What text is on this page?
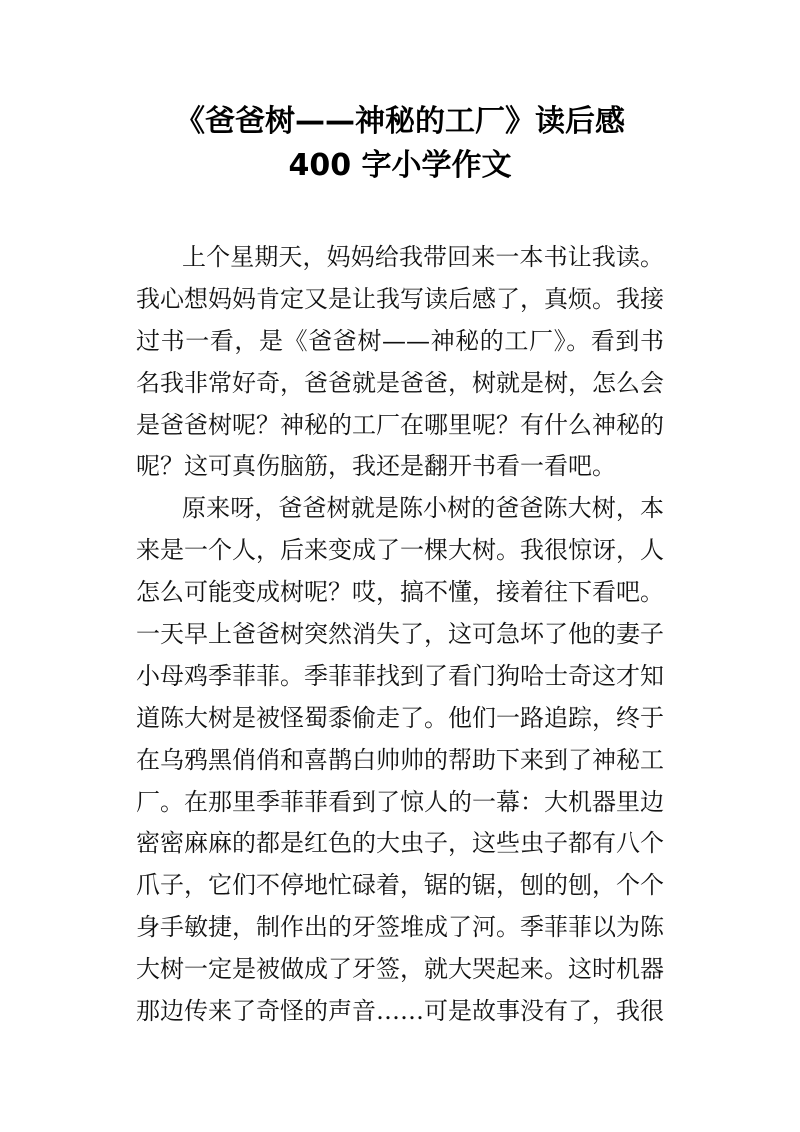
《爸爸树——神秘的工厂》读后感
400 字小学作文
上个星期天，妈妈给我带回来一本书让我读。
我心想妈妈肯定又是让我写读后感了，真烦。我接
过书一看，是《爸爸树——神秘的工厂》。看到书
名我非常好奇，爸爸就是爸爸，树就是树，怎么会
是爸爸树呢？神秘的工厂在哪里呢？有什么神秘的
呢？这可真伤脑筋，我还是翻开书看一看吧。
原来呀，爸爸树就是陈小树的爸爸陈大树，本
来是一个人，后来变成了一棵大树。我很惊讶，人
怎么可能变成树呢？哎，搞不懂，接着往下看吧。
一天早上爸爸树突然消失了，这可急坏了他的妻子
小母鸡季菲菲。季菲菲找到了看门狗哈士奇这才知
道陈大树是被怪蜀黍偷走了。他们一路追踪，终于
在乌鸦黑俏俏和喜鹊白帅帅的帮助下来到了神秘工
厂。在那里季菲菲看到了惊人的一幕：大机器里边
密密麻麻的都是红色的大虫子，这些虫子都有八个
爪子，它们不停地忙碌着，锯的锯，刨的刨，个个
身手敏捷，制作出的牙签堆成了河。季菲菲以为陈
大树一定是被做成了牙签，就大哭起来。这时机器
那边传来了奇怪的声音……可是故事没有了，我很
